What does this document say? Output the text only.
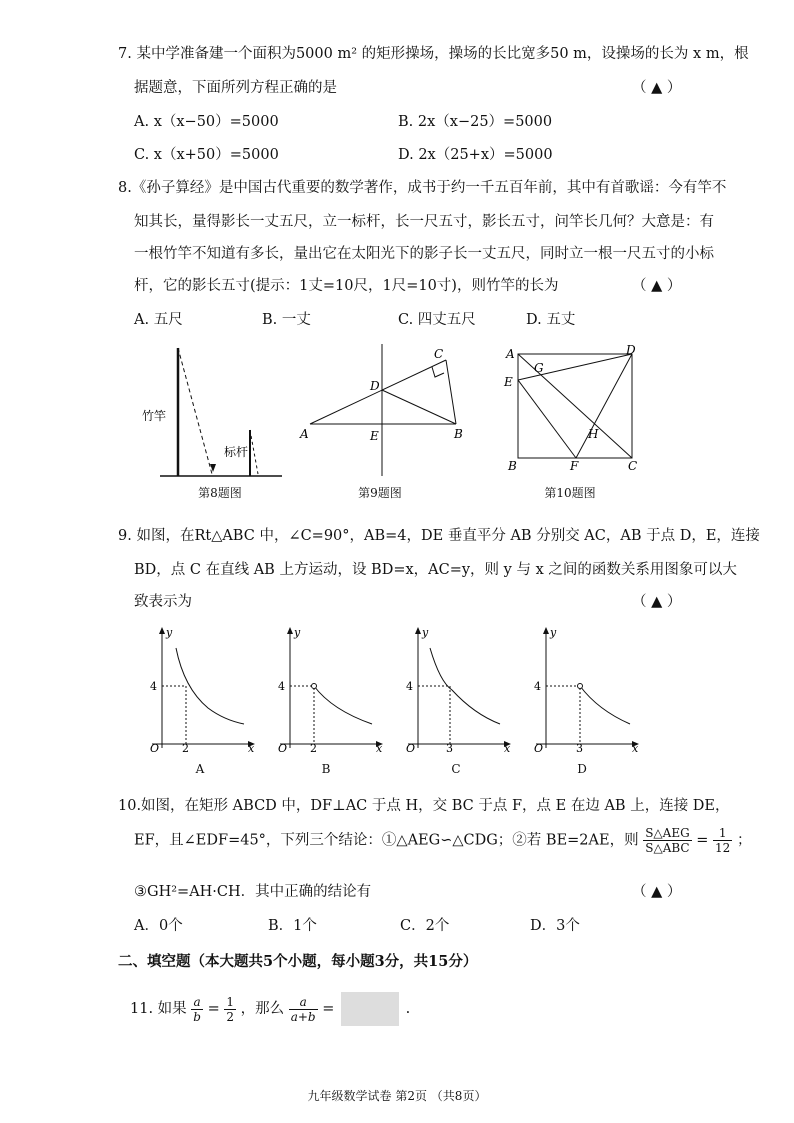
7. 某中学准备建一个面积为5000 m² 的矩形操场，操场的长比宽多50 m，设操场的长为 x m，根
据题意，下面所列方程正确的是	（ ▲ ）
A. x（x−50）=5000	B. 2x（x−25）=5000
C. x（x+50）=5000	D. 2x（25+x）=5000
8.《孙子算经》是中国古代重要的数学著作，成书于约一千五百年前，其中有首歌谣：今有竿不
知其长，量得影长一丈五尺，立一标杆，长一尺五寸，影长五寸，问竿长几何？大意是：有
一根竹竿不知道有多长，量出它在太阳光下的影子长一丈五尺，同时立一根一尺五寸的小标
杆，它的影长五寸(提示：1丈=10尺，1尺=10寸)，则竹竿的长为	（ ▲ ）
A. 五尺	B. 一丈	C. 四丈五尺	D. 五丈
竹竿
标杆
第8题图
A	B
C
D
E
第9题图
A	D
E
G
H
B	F	C
第10题图
9. 如图，在Rt△ABC 中，∠C=90°，AB=4，DE 垂直平分 AB 分别交 AC，AB 于点 D，E，连接
BD，点 C 在直线 AB 上方运动，设 BD=x，AC=y，则 y 与 x 之间的函数关系用图象可以大
致表示为	（ ▲ ）
y
4
O 2	x
A
y
4
O 2	x
B
y
4
O	3	x
C
y
4
O	3	x
D
10.如图，在矩形 ABCD 中，DF⊥AC 于点 H，交 BC 于点 F，点 E 在边 AB 上，连接 DE，
EF，且∠EDF=45°，下列三个结论：①△AEG∽△CDG；②若 BE=2AE，则 $\frac{\text{S△AEG}}{\text{S△ABC}} = \frac{1}{12}$ ；
③GH²=AH·CH．其中正确的结论有	（ ▲ ）
A．0个	B．1个	C．2个	D．3个
二、填空题（本大题共5个小题，每小题3分，共15分）
11. 如果 $\frac{a}{b} = \frac{1}{2}$ ，那么 $\frac{a}{a+b}$ =	.
九年级数学试卷 第2页 （共8页）
